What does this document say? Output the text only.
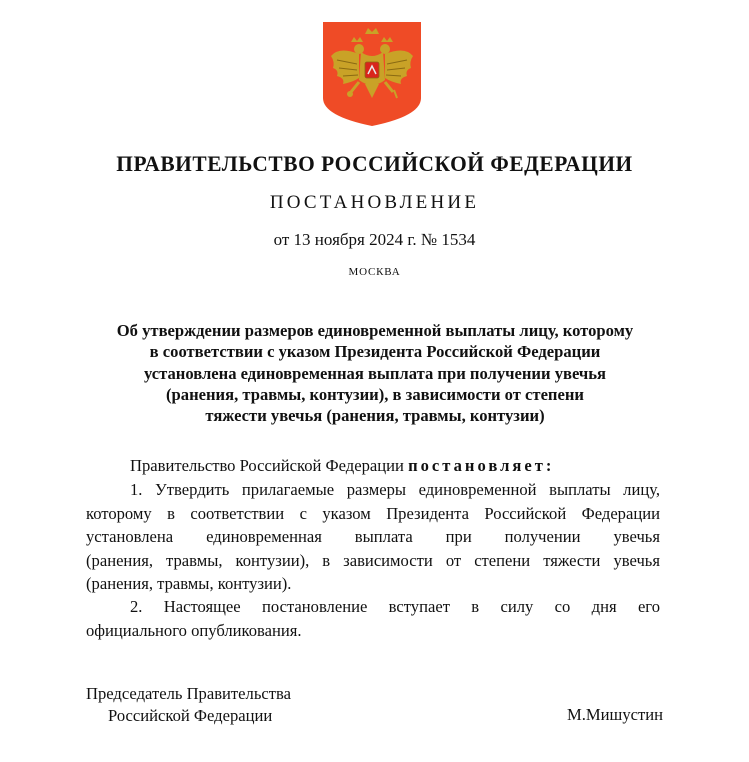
ПРАВИТЕЛЬСТВО РОССИЙСКОЙ ФЕДЕРАЦИИ
ПОСТАНОВЛЕНИЕ
от 13 ноября 2024 г. № 1534
МОСКВА
Об утверждении размеров единовременной выплаты лицу, которому
в соответствии с указом Президента Российской Федерации
установлена единовременная выплата при получении увечья
(ранения, травмы, контузии), в зависимости от степени
тяжести увечья (ранения, травмы, контузии)
Правительство Российской Федерации постановляет:
1. Утвердить прилагаемые размеры единовременной выплаты лицу,
которому в соответствии с указом Президента Российской Федерации
установлена единовременная выплата при получении увечья
(ранения, травмы, контузии), в зависимости от степени тяжести увечья
(ранения, травмы, контузии).
2. Настоящее постановление вступает в силу со дня его
официального опубликования.
Председатель Правительства
Российской Федерации	М.Мишустин
